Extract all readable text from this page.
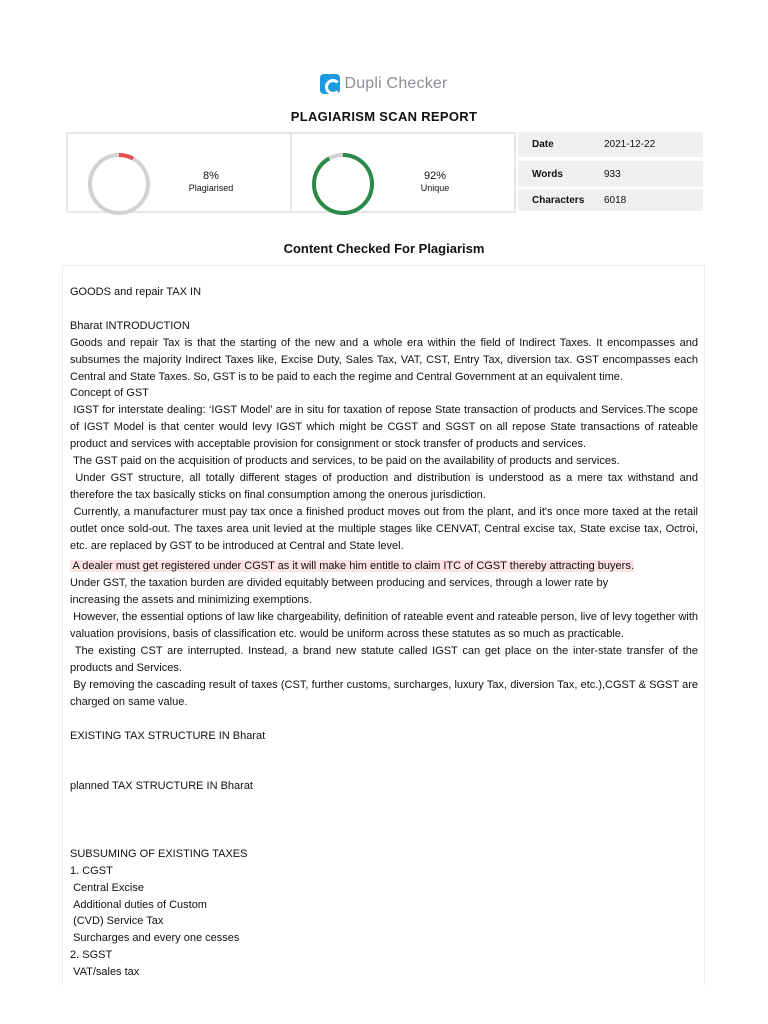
Dupli Checker
PLAGIARISM SCAN REPORT
8%
Plagiarised
92%
Unique
Date	2021-12-22
Words	933
Characters	6018
Content Checked For Plagiarism

GOODS and repair TAX IN

Bharat INTRODUCTION

Goods and repair Tax is that the starting of the new and a whole era within the field of Indirect Taxes. It encompasses and subsumes the majority Indirect Taxes like, Excise Duty, Sales Tax, VAT, CST, Entry Tax, diversion tax. GST encompasses each Central and State Taxes. So, GST is to be paid to each the regime and Central Government at an equivalent time.

Concept of GST

IGST for interstate dealing: ‘IGST Model’ are in situ for taxation of repose State transaction of products and Services.The scope of IGST Model is that center would levy IGST which might be CGST and SGST on all repose State transactions of rateable product and services with acceptable provision for consignment or stock transfer of products and services.

The GST paid on the acquisition of products and services, to be paid on the availability of products and services.

Under GST structure, all totally different stages of production and distribution is understood as a mere tax withstand and therefore the tax basically sticks on final consumption among the onerous jurisdiction.

Currently, a manufacturer must pay tax once a finished product moves out from the plant, and it's once more taxed at the retail outlet once sold-out. The taxes area unit levied at the multiple stages like CENVAT, Central excise tax, State excise tax, Octroi, etc. are replaced by GST to be introduced at Central and State level.

A dealer must get registered under CGST as it will make him entitle to claim ITC of CGST thereby attracting buyers.

Under GST, the taxation burden are divided equitably between producing and services, through a lower rate by
increasing the assets and minimizing exemptions.

However, the essential options of law like chargeability, definition of rateable event and rateable person, live of levy together with valuation provisions, basis of classification etc. would be uniform across these statutes as so much as practicable.

The existing CST are interrupted. Instead, a brand new statute called IGST can get place on the inter-state transfer of the products and Services.

By removing the cascading result of taxes (CST, further customs, surcharges, luxury Tax, diversion Tax, etc.),CGST & SGST are charged on same value.

EXISTING TAX STRUCTURE IN Bharat

planned TAX STRUCTURE IN Bharat

SUBSUMING OF EXISTING TAXES

1. CGST

Central Excise

Additional duties of Custom

(CVD) Service Tax

Surcharges and every one cesses

2. SGST

VAT/sales tax
